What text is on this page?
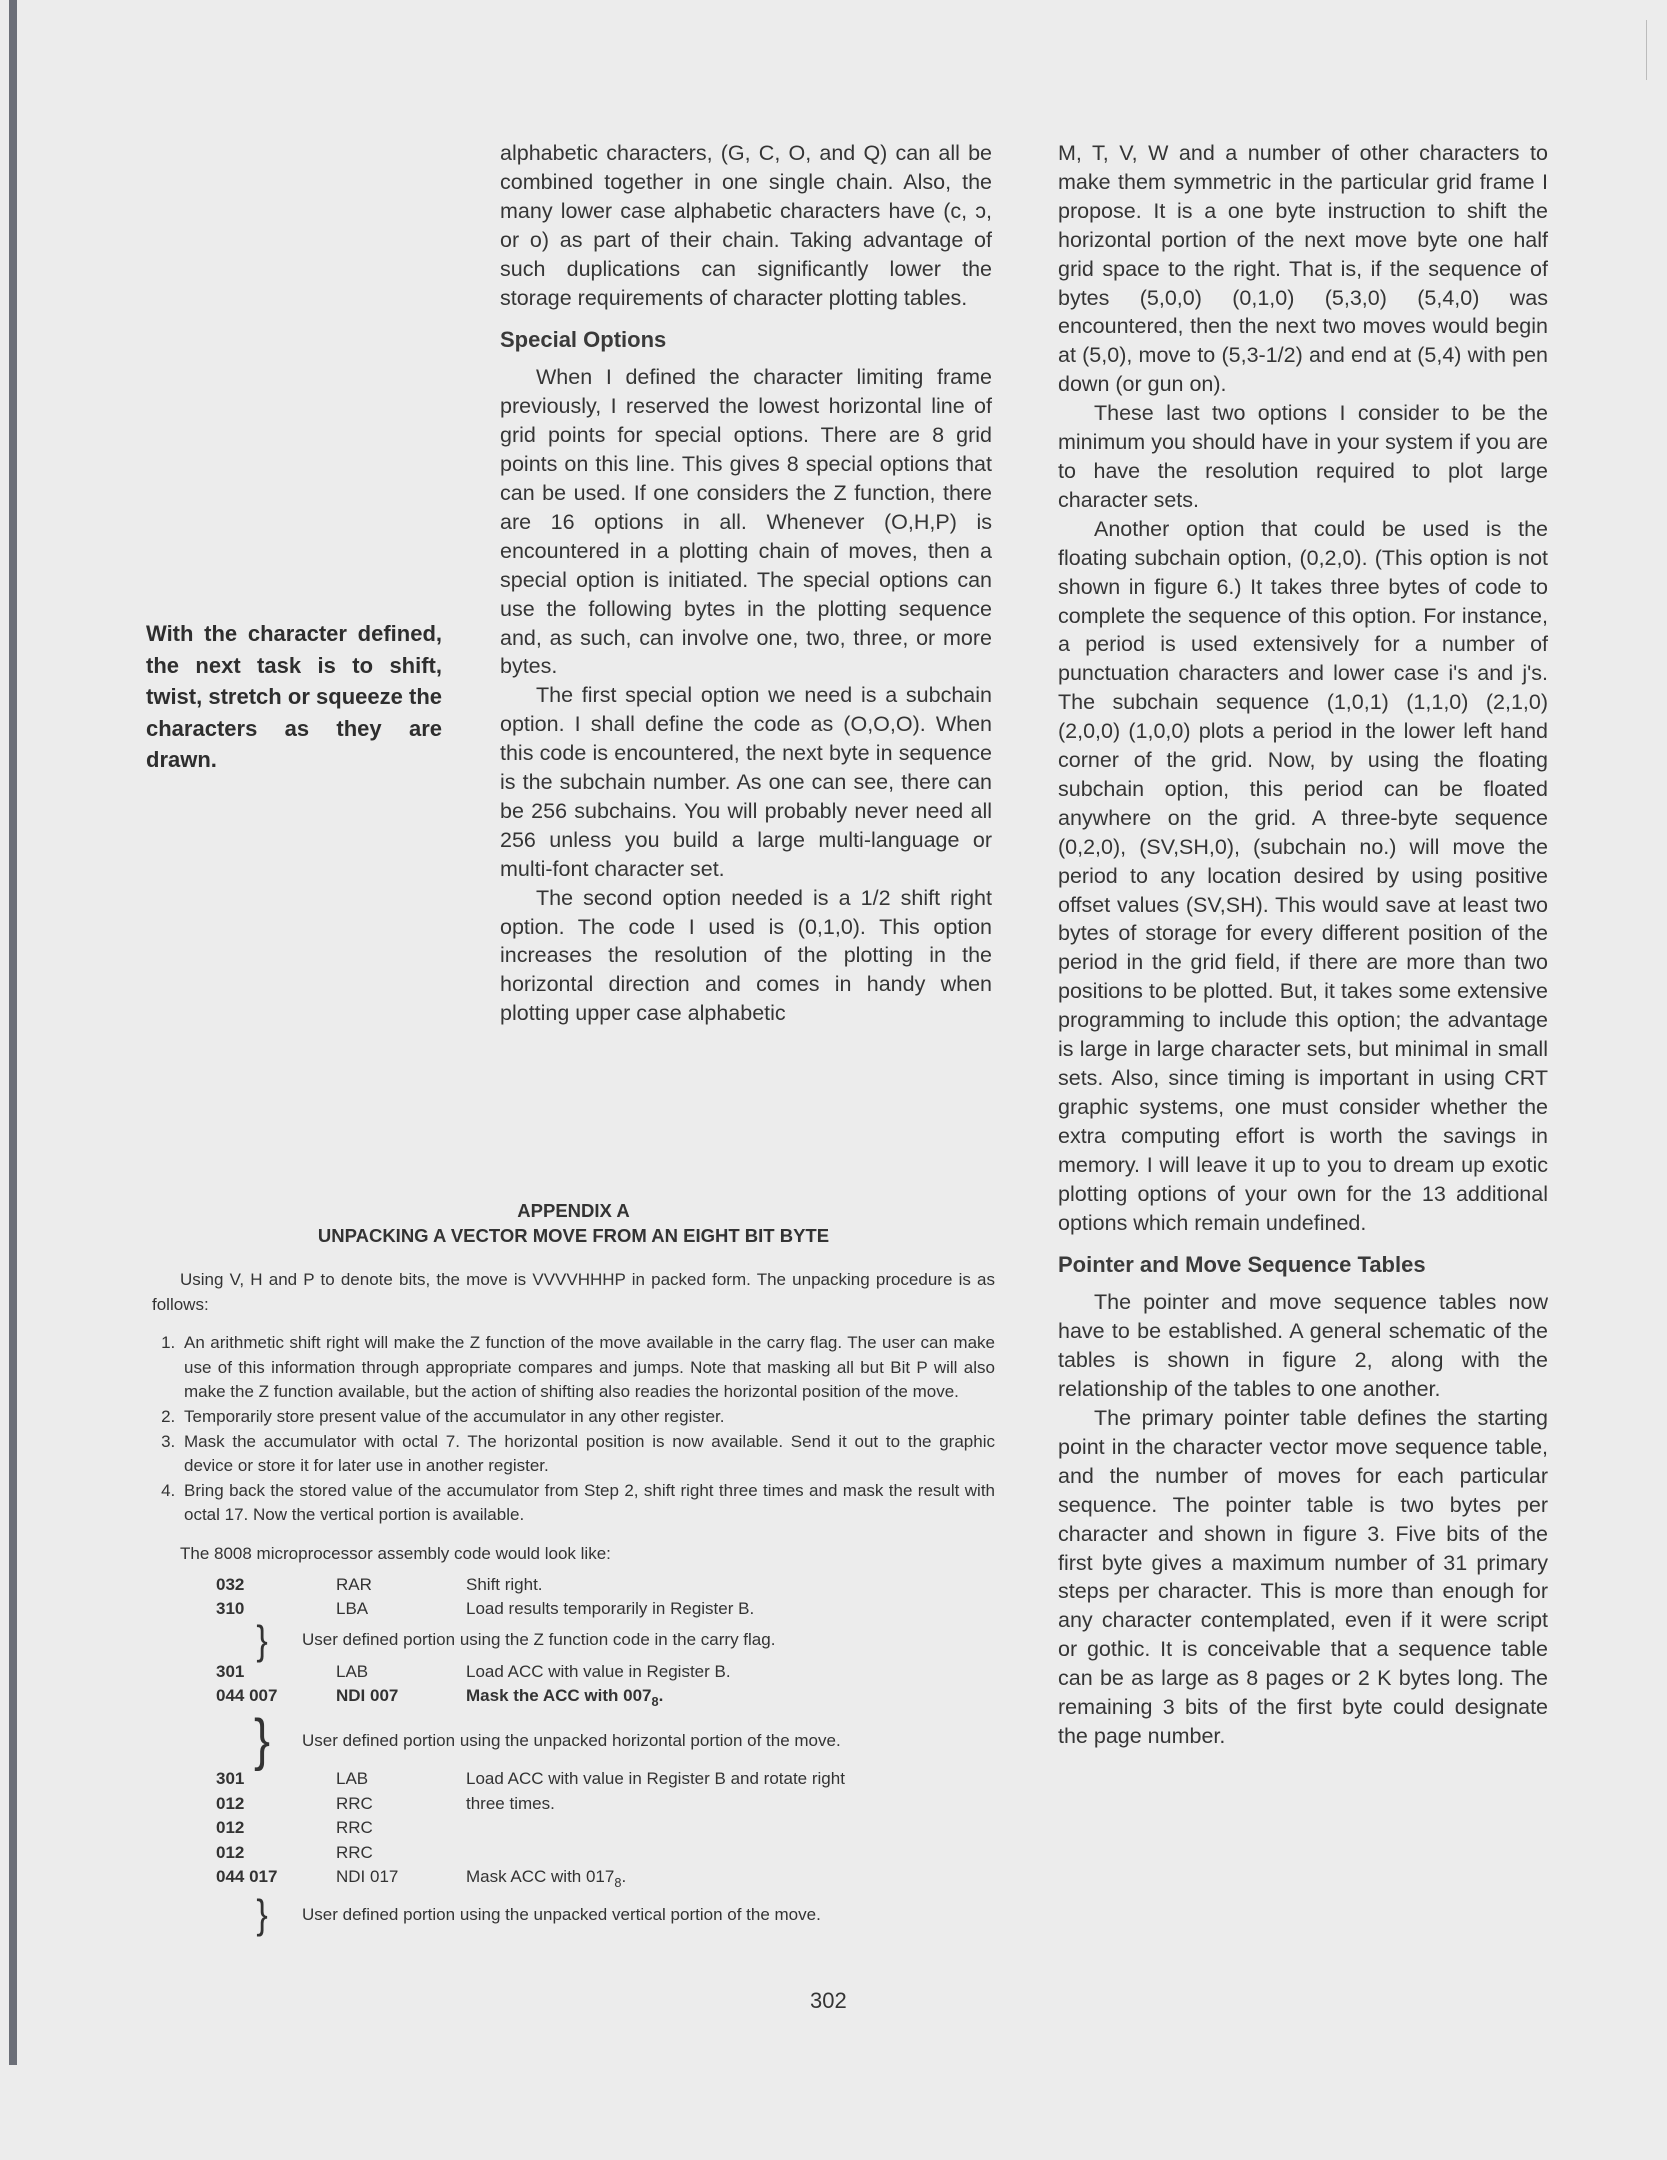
With the character defined, the next task is to shift, twist, stretch or squeeze the characters as they are drawn.

alphabetic characters, (G, C, O, and Q) can all be combined together in one single chain. Also, the many lower case alphabetic characters have (c, ɔ, or o) as part of their chain. Taking advantage of such duplications can significantly lower the storage requirements of character plotting tables.

Special Options

When I defined the character limiting frame previously, I reserved the lowest horizontal line of grid points for special options. There are 8 grid points on this line. This gives 8 special options that can be used. If one considers the Z function, there are 16 options in all. Whenever (O,H,P) is encountered in a plotting chain of moves, then a special option is initiated. The special options can use the following bytes in the plotting sequence and, as such, can involve one, two, three, or more bytes.

The first special option we need is a subchain option. I shall define the code as (O,O,O). When this code is encountered, the next byte in sequence is the subchain number. As one can see, there can be 256 subchains. You will probably never need all 256 unless you build a large multi-language or multi-font character set.

The second option needed is a 1/2 shift right option. The code I used is (0,1,0). This option increases the resolution of the plotting in the horizontal direction and comes in handy when plotting upper case alphabetic

M, T, V, W and a number of other characters to make them symmetric in the particular grid frame I propose. It is a one byte instruction to shift the horizontal portion of the next move byte one half grid space to the right. That is, if the sequence of bytes (5,0,0) (0,1,0) (5,3,0) (5,4,0) was encountered, then the next two moves would begin at (5,0), move to (5,3-1/2) and end at (5,4) with pen down (or gun on).

These last two options I consider to be the minimum you should have in your system if you are to have the resolution required to plot large character sets.

Another option that could be used is the floating subchain option, (0,2,0). (This option is not shown in figure 6.) It takes three bytes of code to complete the sequence of this option. For instance, a period is used extensively for a number of punctuation characters and lower case i's and j's. The subchain sequence (1,0,1) (1,1,0) (2,1,0) (2,0,0) (1,0,0) plots a period in the lower left hand corner of the grid. Now, by using the floating subchain option, this period can be floated anywhere on the grid. A three-byte sequence (0,2,0), (SV,SH,0), (subchain no.) will move the period to any location desired by using positive offset values (SV,SH). This would save at least two bytes of storage for every different position of the period in the grid field, if there are more than two positions to be plotted. But, it takes some extensive programming to include this option; the advantage is large in large character sets, but minimal in small sets. Also, since timing is important in using CRT graphic systems, one must consider whether the extra computing effort is worth the savings in memory. I will leave it up to you to dream up exotic plotting options of your own for the 13 additional options which remain undefined.

Pointer and Move Sequence Tables

The pointer and move sequence tables now have to be established. A general schematic of the tables is shown in figure 2, along with the relationship of the tables to one another.

The primary pointer table defines the starting point in the character vector move sequence table, and the number of moves for each particular sequence. The pointer table is two bytes per character and shown in figure 3. Five bits of the first byte gives a maximum number of 31 primary steps per character. This is more than enough for any character contemplated, even if it were script or gothic. It is conceivable that a sequence table can be as large as 8 pages or 2 K bytes long. The remaining 3 bits of the first byte could designate the page number.

APPENDIX A
UNPACKING A VECTOR MOVE FROM AN EIGHT BIT BYTE
Using V, H and P to denote bits, the move is VVVVHHHP in packed form. The unpacking procedure is as follows:
1. An arithmetic shift right will make the Z function of the move available in the carry flag. The user can make use of this information through appropriate compares and jumps. Note that masking all but Bit P will also make the Z function available, but the action of shifting also readies the horizontal position of the move.
2. Temporarily store present value of the accumulator in any other register.
3. Mask the accumulator with octal 7. The horizontal position is now available. Send it out to the graphic device or store it for later use in another register.
4. Bring back the stored value of the accumulator from Step 2, shift right three times and mask the result with octal 17. Now the vertical portion is available.
The 8008 microprocessor assembly code would look like:
032	RAR	Shift right.
310	LBA	Load results temporarily in Register B.
}	User defined portion using the Z function code in the carry flag.
301	LAB	Load ACC with value in Register B.
044 007	NDI 007	Mask the ACC with $007_8$.
}	User defined portion using the unpacked horizontal portion of the move.
301	LAB	Load ACC with value in Register B and rotate right
012	RRC	three times.
012	RRC
012	RRC
044 017	NDI 017	Mask ACC with $017_8$.
}	User defined portion using the unpacked vertical portion of the move.
302
